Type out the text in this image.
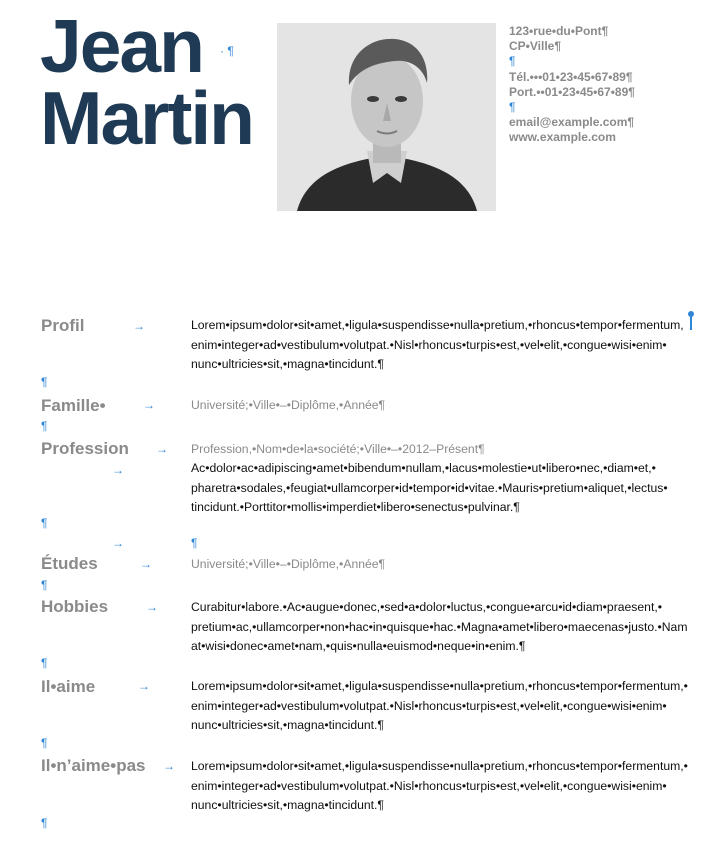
Jean
Martin
· ¶
123•rue•du•Pont¶
CP•Ville¶
¶
Tél.•••01•23•45•67•89¶
Port.••01•23•45•67•89¶
¶
email@example.com¶
www.example.com
Profil	→	Lorem•ipsum•dolor•sit•amet,•ligula•suspendisse•nulla•pretium,•rhoncus•tempor•fermentum,
enim•integer•ad•vestibulum•volutpat.•Nisl•rhoncus•turpis•est,•vel•elit,•congue•wisi•enim•
nunc•ultricies•sit,•magna•tincidunt.¶
¶
Famille•	→	Université;•Ville•–•Diplôme,•Année¶
¶
Profession → Profession,•Nom•de•la•société;•Ville•–•2012–Présent¶
→	Ac•dolor•ac•adipiscing•amet•bibendum•nullam,•lacus•molestie•ut•libero•nec,•diam•et,•
pharetra•sodales,•feugiat•ullamcorper•id•tempor•id•vitae.•Mauris•pretium•aliquet,•lectus•
tincidunt.•Porttitor•mollis•imperdiet•libero•senectus•pulvinar.¶
¶
→	¶
Études	→	Université;•Ville•–•Diplôme,•Année¶
¶
Hobbies	→	Curabitur•labore.•Ac•augue•donec,•sed•a•dolor•luctus,•congue•arcu•id•diam•praesent,•
pretium•ac,•ullamcorper•non•hac•in•quisque•hac.•Magna•amet•libero•maecenas•justo.•Nam
at•wisi•donec•amet•nam,•quis•nulla•euismod•neque•in•enim.¶
¶
Il•aime	→	Lorem•ipsum•dolor•sit•amet,•ligula•suspendisse•nulla•pretium,•rhoncus•tempor•fermentum,•
enim•integer•ad•vestibulum•volutpat.•Nisl•rhoncus•turpis•est,•vel•elit,•congue•wisi•enim•
nunc•ultricies•sit,•magna•tincidunt.¶
¶
Il•n’aime•pas → Lorem•ipsum•dolor•sit•amet,•ligula•suspendisse•nulla•pretium,•rhoncus•tempor•fermentum,•
enim•integer•ad•vestibulum•volutpat.•Nisl•rhoncus•turpis•est,•vel•elit,•congue•wisi•enim•
nunc•ultricies•sit,•magna•tincidunt.¶
¶
